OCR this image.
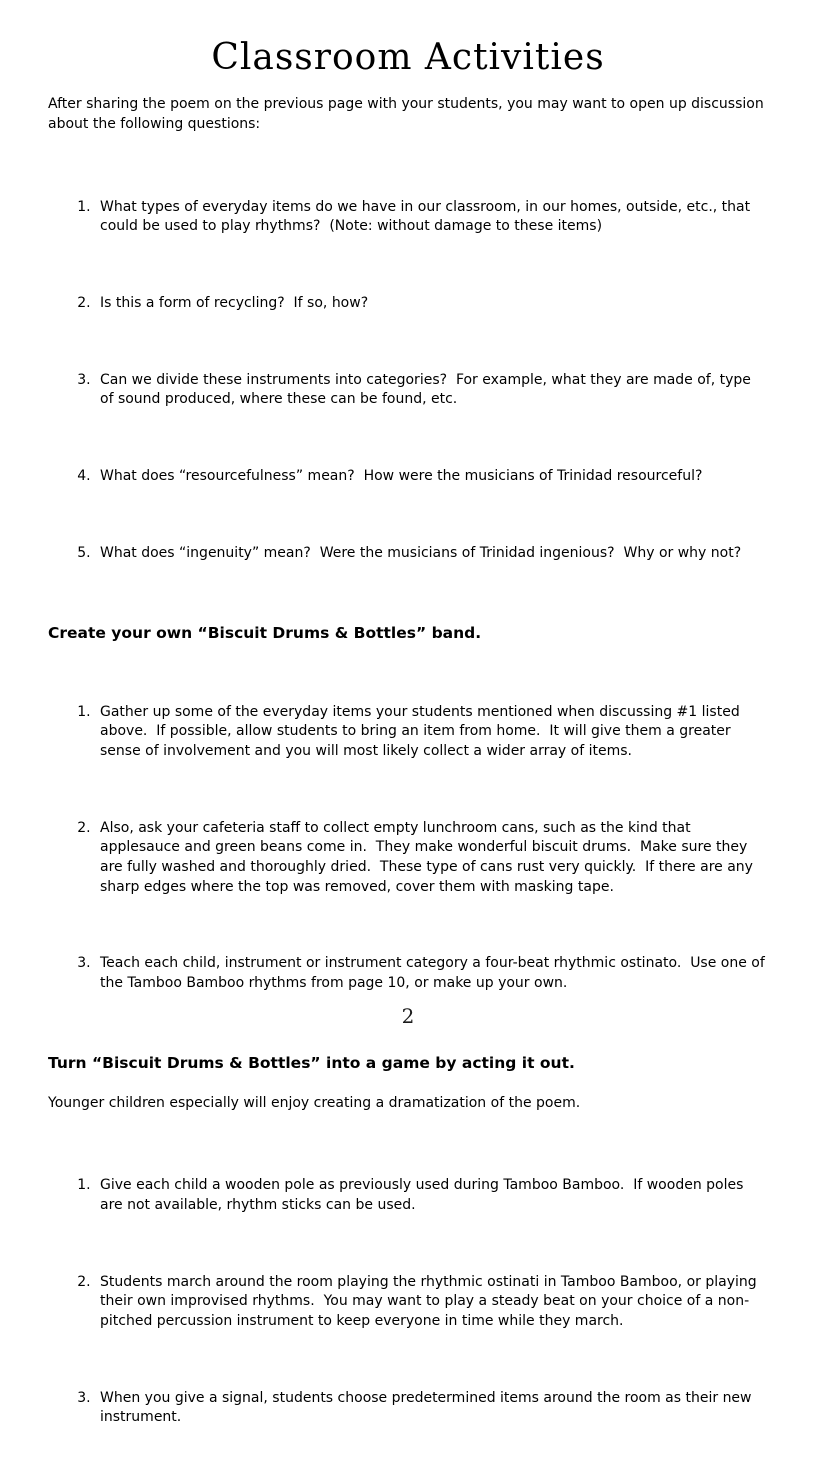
Classroom Activities

After sharing the poem on the previous page with your students, you may want to open up discussion about the following questions:

1. What types of everyday items do we have in our classroom, in our homes, outside, etc., that could be used to play rhythms?  (Note: without damage to these items)

2. Is this a form of recycling?  If so, how?

3. Can we divide these instruments into categories?  For example, what they are made of, type of sound produced, where these can be found, etc.

4. What does “resourcefulness” mean?  How were the musicians of Trinidad resourceful?

5. What does “ingenuity” mean?  Were the musicians of Trinidad ingenious?  Why or why not?

Create your own “Biscuit Drums & Bottles” band.

1. Gather up some of the everyday items your students mentioned when discussing #1 listed above.  If possible, allow students to bring an item from home.  It will give them a greater sense of involvement and you will most likely collect a wider array of items.

2. Also, ask your cafeteria staff to collect empty lunchroom cans, such as the kind that applesauce and green beans come in.  They make wonderful biscuit drums.  Make sure they are fully washed and thoroughly dried.  These type of cans rust very quickly.  If there are any sharp edges where the top was removed, cover them with masking tape.

3. Teach each child, instrument or instrument category a four-beat rhythmic ostinato.  Use one of the Tamboo Bamboo rhythms from page 10, or make up your own.

Turn “Biscuit Drums & Bottles” into a game by acting it out.

Younger children especially will enjoy creating a dramatization of the poem.

1. Give each child a wooden pole as previously used during Tamboo Bamboo.  If wooden poles are not available, rhythm sticks can be used.

2. Students march around the room playing the rhythmic ostinati in Tamboo Bamboo, or playing their own improvised rhythms.  You may want to play a steady beat on your choice of a non-pitched percussion instrument to keep everyone in time while they march.

3. When you give a signal, students choose predetermined items around the room as their new instrument.

2
